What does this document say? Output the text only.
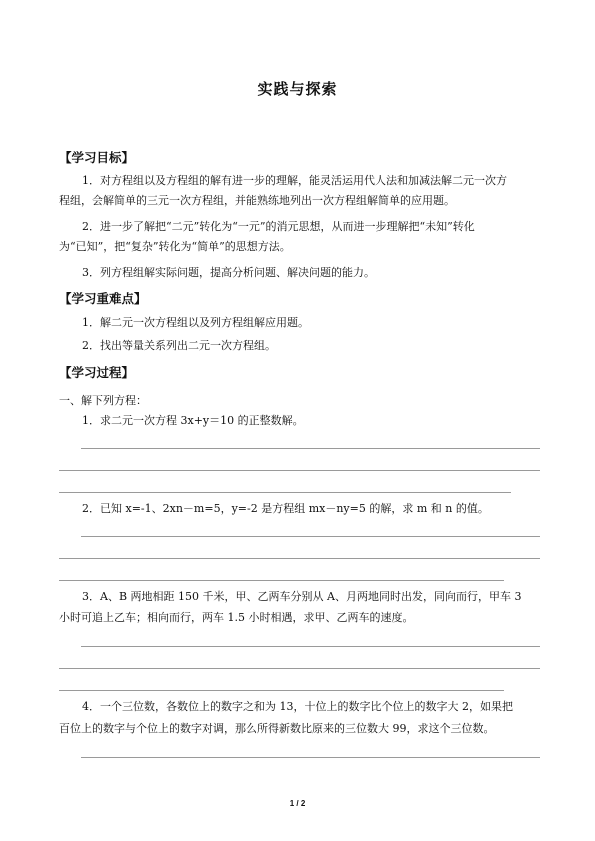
实践与探索
【学习目标】
1．对方程组以及方程组的解有进一步的理解，能灵活运用代人法和加减法解二元一次方
程组，会解简单的三元一次方程组，并能熟练地列出一次方程组解简单的应用题。
2．进一步了解把“二元”转化为“一元”的消元思想，从而进一步理解把“未知”转化
为“已知”，把“复杂”转化为“简单”的思想方法。
3．列方程组解实际问题，提高分析问题、解决问题的能力。
【学习重难点】
1．解二元一次方程组以及列方程组解应用题。
2．找出等量关系列出二元一次方程组。
【学习过程】
一、解下列方程：
1．求二元一次方程 3x+y＝10 的正整数解。
2．已知 x=-1、2xn－m=5，y=-2 是方程组 mx－ny=5 的解，求 m 和 n 的值。
3．A、B 两地相距 150 千米，甲、乙两车分别从 A、月两地同时出发，同向而行，甲车 3
小时可追上乙车；相向而行，两车 1.5 小时相遇，求甲、乙两车的速度。
4．一个三位数，各数位上的数字之和为 13，十位上的数字比个位上的数字大 2，如果把
百位上的数字与个位上的数字对调，那么所得新数比原来的三位数大 99，求这个三位数。
1 / 2
